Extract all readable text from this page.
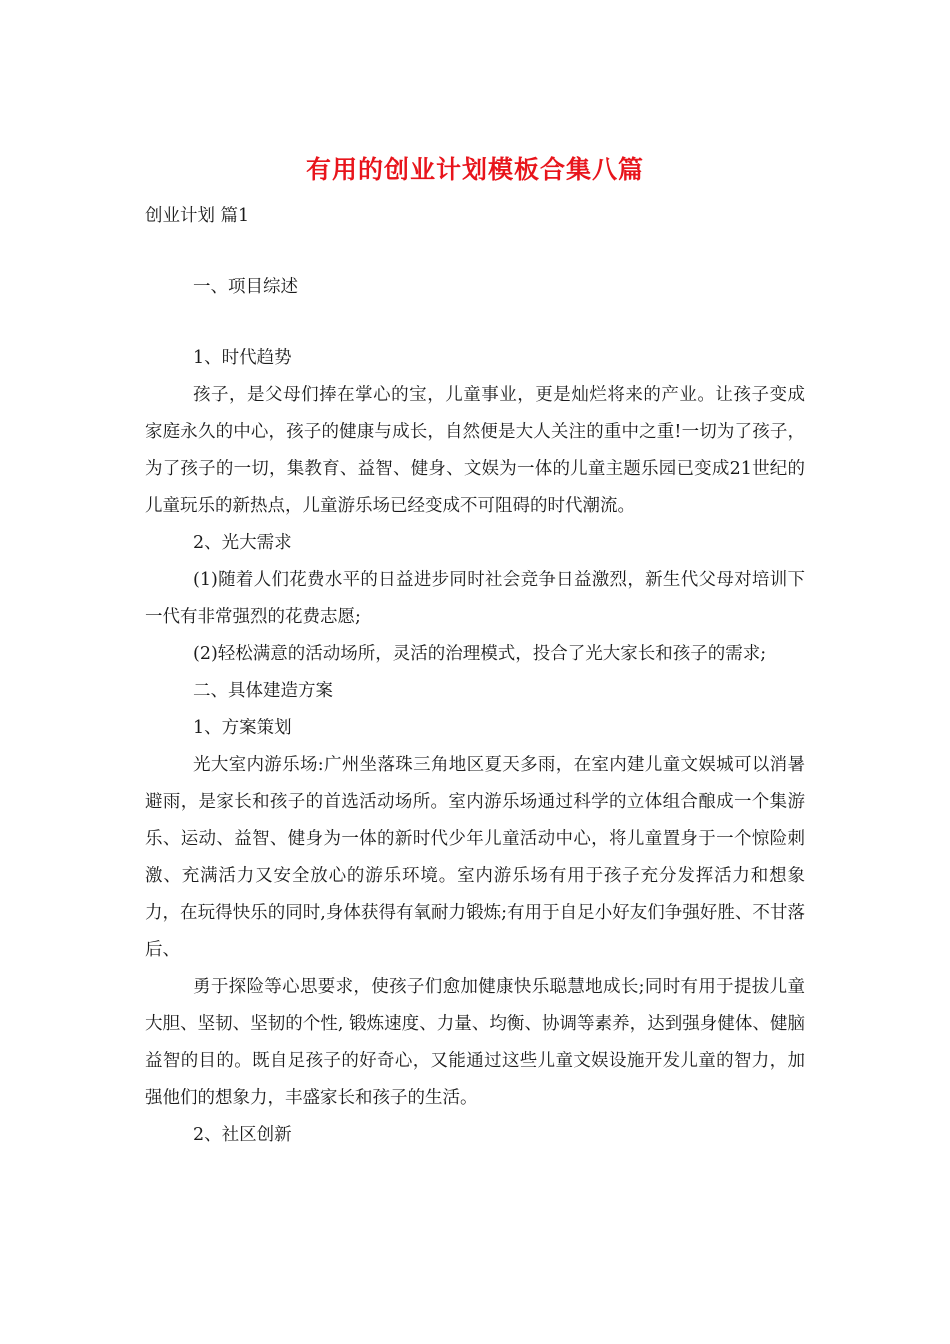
有用的创业计划模板合集八篇

创业计划 篇1

一、项目综述

1、时代趋势

孩子，是父母们捧在掌心的宝，儿童事业，更是灿烂将来的产业。让孩子变成家庭永久的中心，孩子的健康与成长，自然便是大人关注的重中之重!一切为了孩子，为了孩子的一切，集教育、益智、健身、文娱为一体的儿童主题乐园已变成21世纪的儿童玩乐的新热点，儿童游乐场已经变成不可阻碍的时代潮流。

2、光大需求

(1)随着人们花费水平的日益进步同时社会竞争日益激烈，新生代父母对培训下一代有非常强烈的花费志愿;

(2)轻松满意的活动场所，灵活的治理模式，投合了光大家长和孩子的需求;

二、具体建造方案

1、方案策划

光大室内游乐场:广州坐落珠三角地区夏天多雨，在室内建儿童文娱城可以消暑避雨，是家长和孩子的首选活动场所。室内游乐场通过科学的立体组合酿成一个集游乐、运动、益智、健身为一体的新时代少年儿童活动中心，将儿童置身于一个惊险刺激、充满活力又安全放心的游乐环境。室内游乐场有用于孩子充分发挥活力和想象力，在玩得快乐的同时,身体获得有氧耐力锻炼;有用于自足小好友们争强好胜、不甘落后、

勇于探险等心思要求，使孩子们愈加健康快乐聪慧地成长;同时有用于提拔儿童大胆、坚韧、坚韧的个性, 锻炼速度、力量、均衡、协调等素养，达到强身健体、健脑益智的目的。既自足孩子的好奇心，又能通过这些儿童文娱设施开发儿童的智力，加强他们的想象力，丰盛家长和孩子的生活。

2、社区创新
